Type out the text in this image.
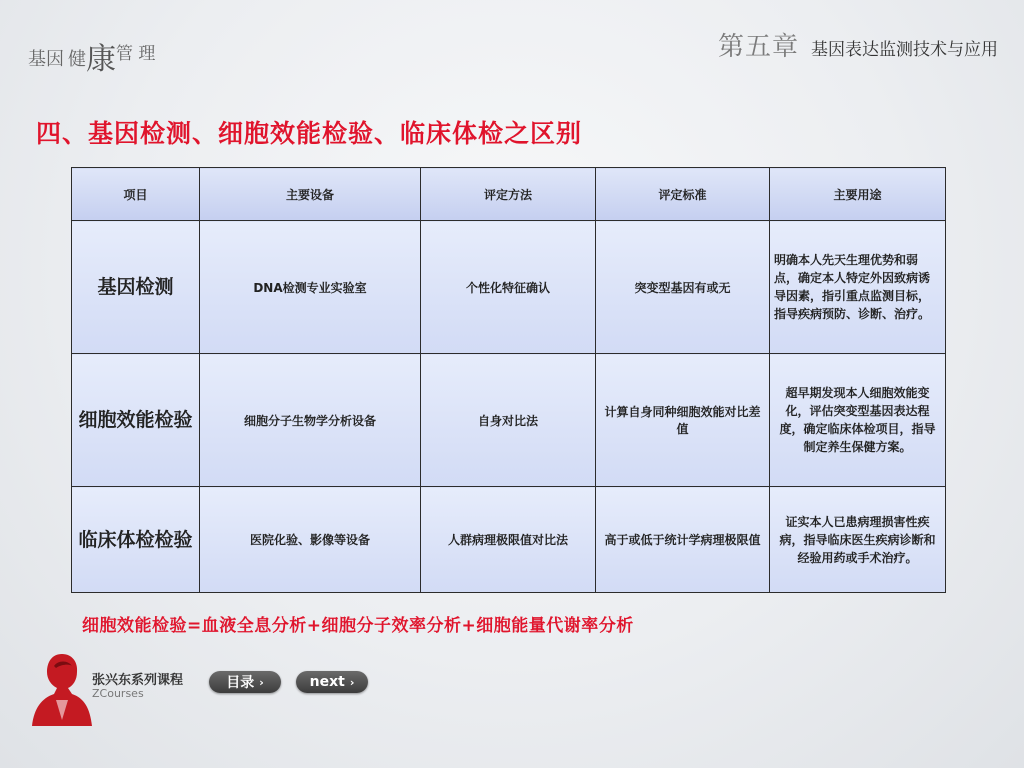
基因 健康管 理	第五章 基因表达监测技术与应用
四、基因检测、细胞效能检验、临床体检之区别
项目	主要设备	评定方法	评定标准	主要用途
基因检测	DNA检测专业实验室	个性化特征确认	突变型基因有或无	明确本人先天生理优势和弱点，确定本人特定外因致病诱导因素，指引重点监测目标，指导疾病预防、诊断、治疗。
细胞效能检验	细胞分子生物学分析设备	自身对比法	计算自身同种细胞效能对比差值	超早期发现本人细胞效能变化，评估突变型基因表达程度，确定临床体检项目，指导制定养生保健方案。
临床体检检验	医院化验、影像等设备	人群病理极限值对比法	高于或低于统计学病理极限值	证实本人已患病理损害性疾病，指导临床医生疾病诊断和经验用药或手术治疗。
细胞效能检验=血液全息分析+细胞分子效率分析+细胞能量代谢率分析
张兴东系列课程
ZCourses
目录 ›	next ›
